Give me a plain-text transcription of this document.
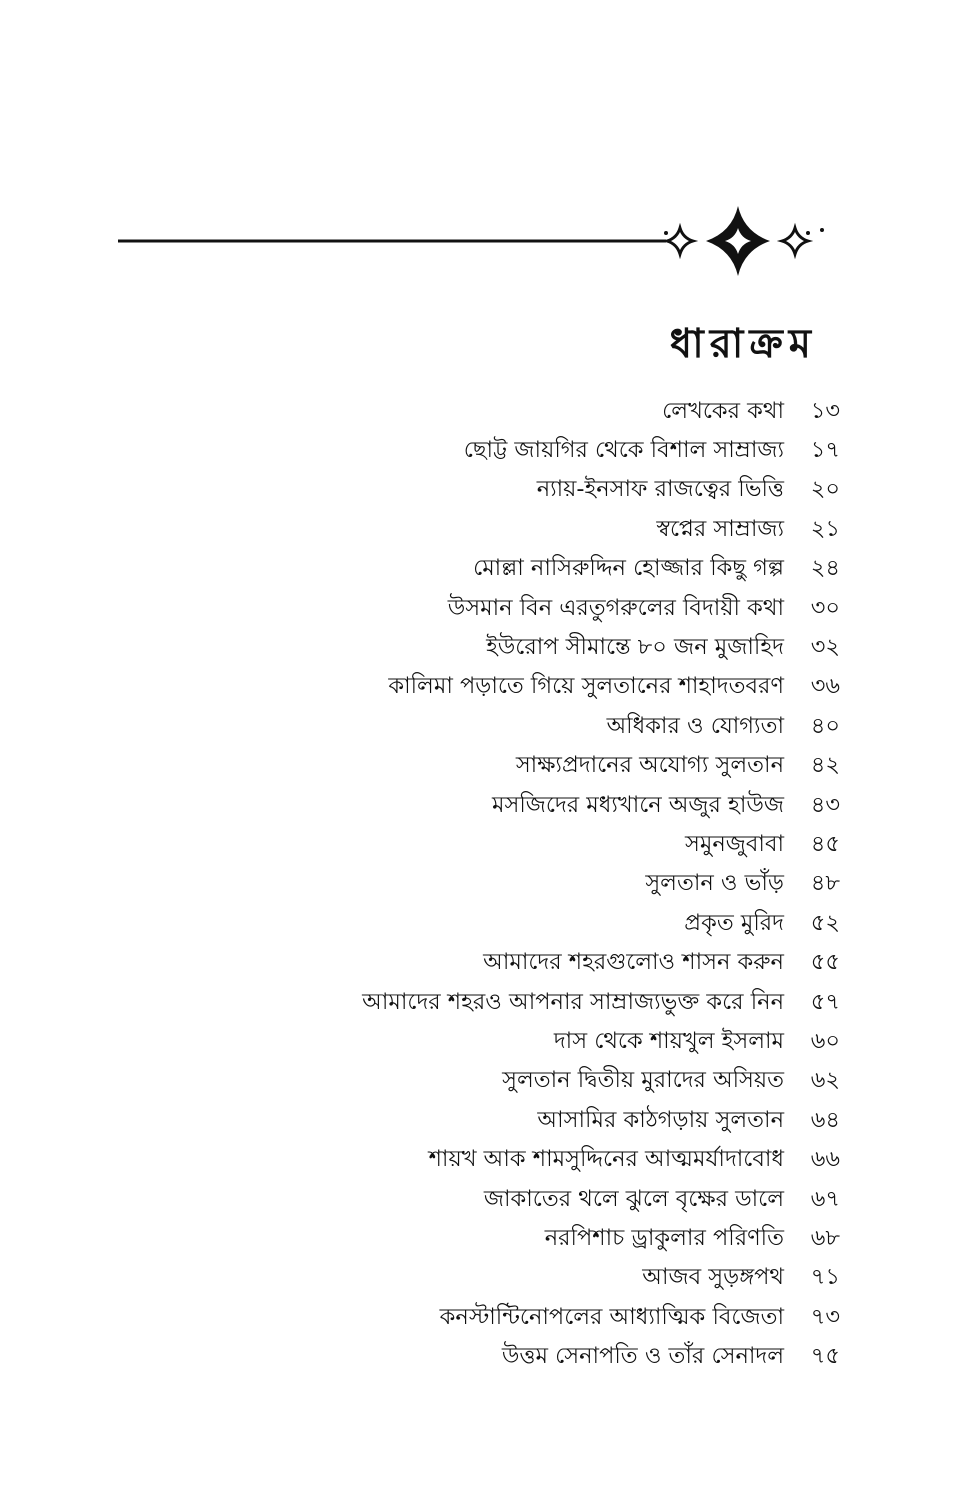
ধারাক্রম
লেখকের কথা	১৩
ছোট্ট জায়গির থেকে বিশাল সাম্রাজ্য	১৭
ন্যায়-ইনসাফ রাজত্বের ভিত্তি	২০
স্বপ্নের সাম্রাজ্য	২১
মোল্লা নাসিরুদ্দিন হোজ্জার কিছু গল্প	২৪
উসমান বিন এরতুগরুলের বিদায়ী কথা	৩০
ইউরোপ সীমান্তে ৮০ জন মুজাহিদ	৩২
কালিমা পড়াতে গিয়ে সুলতানের শাহাদতবরণ	৩৬
অধিকার ও যোগ্যতা	৪০
সাক্ষ্যপ্রদানের অযোগ্য সুলতান	৪২
মসজিদের মধ্যখানে অজুর হাউজ	৪৩
সমুনজুবাবা	৪৫
সুলতান ও ভাঁড়	৪৮
প্রকৃত মুরিদ	৫২
আমাদের শহরগুলোও শাসন করুন	৫৫
আমাদের শহরও আপনার সাম্রাজ্যভুক্ত করে নিন	৫৭
দাস থেকে শায়খুল ইসলাম	৬০
সুলতান দ্বিতীয় মুরাদের অসিয়ত	৬২
আসামির কাঠগড়ায় সুলতান	৬৪
শায়খ আক শামসুদ্দিনের আত্মমর্যাদাবোধ	৬৬
জাকাতের থলে ঝুলে বৃক্ষের ডালে	৬৭
নরপিশাচ ড্রাকুলার পরিণতি	৬৮
আজব সুড়ঙ্গপথ	৭১
কনস্টান্টিনোপলের আধ্যাত্মিক বিজেতা	৭৩
উত্তম সেনাপতি ও তাঁর সেনাদল	৭৫
